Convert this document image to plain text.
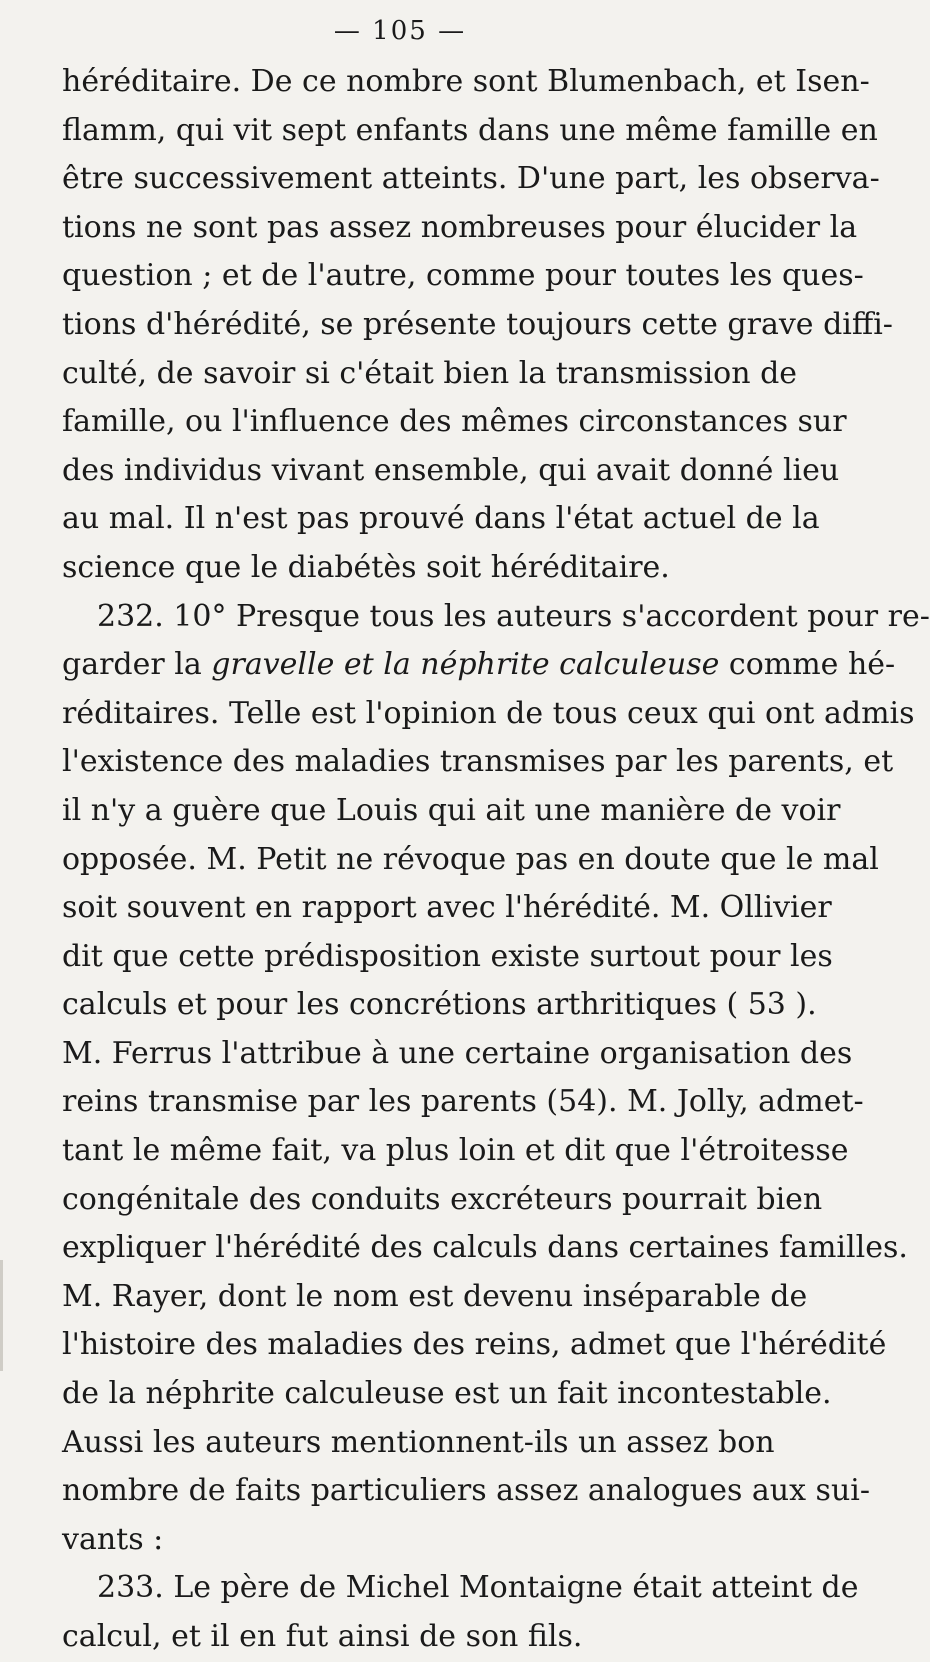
— 105 —
héréditaire. De ce nombre sont Blumenbach, et Isen-
flamm, qui vit sept enfants dans une même famille en
être successivement atteints. D'une part, les observa-
tions ne sont pas assez nombreuses pour élucider la
question ; et de l'autre, comme pour toutes les ques-
tions d'hérédité, se présente toujours cette grave diffi-
culté, de savoir si c'était bien la transmission de
famille, ou l'influence des mêmes circonstances sur
des individus vivant ensemble, qui avait donné lieu
au mal. Il n'est pas prouvé dans l'état actuel de la
science que le diabétès soit héréditaire.
232. 10° Presque tous les auteurs s'accordent pour re-
garder la gravelle et la néphrite calculeuse comme hé-
réditaires. Telle est l'opinion de tous ceux qui ont admis
l'existence des maladies transmises par les parents, et
il n'y a guère que Louis qui ait une manière de voir
opposée. M. Petit ne révoque pas en doute que le mal
soit souvent en rapport avec l'hérédité. M. Ollivier
dit que cette prédisposition existe surtout pour les
calculs et pour les concrétions arthritiques ( 53 ).
M. Ferrus l'attribue à une certaine organisation des
reins transmise par les parents (54). M. Jolly, admet-
tant le même fait, va plus loin et dit que l'étroitesse
congénitale des conduits excréteurs pourrait bien
expliquer l'hérédité des calculs dans certaines familles.
M. Rayer, dont le nom est devenu inséparable de
l'histoire des maladies des reins, admet que l'hérédité
de la néphrite calculeuse est un fait incontestable.
Aussi les auteurs mentionnent-ils un assez bon
nombre de faits particuliers assez analogues aux sui-
vants :
233. Le père de Michel Montaigne était atteint de
calcul, et il en fut ainsi de son fils.
